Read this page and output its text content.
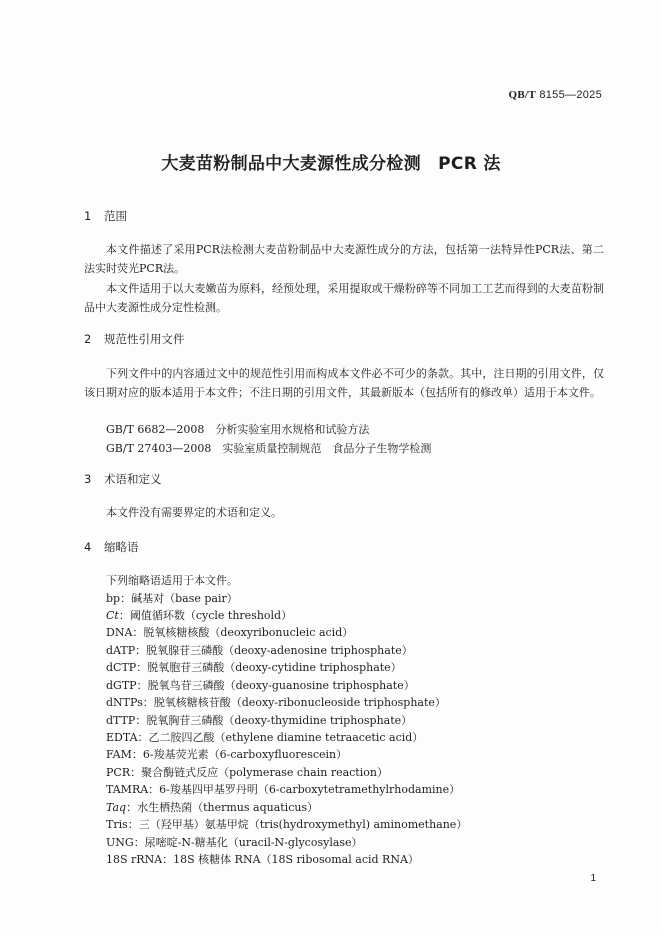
QB/T 8155—2025
大麦苗粉制品中大麦源性成分检测　PCR 法
1 范围
本文件描述了采用PCR法检测大麦苗粉制品中大麦源性成分的方法，包括第一法特异性PCR法、第二法实时荧光PCR法。
本文件适用于以大麦嫩苗为原料，经预处理，采用提取或干燥粉碎等不同加工工艺而得到的大麦苗粉制品中大麦源性成分定性检测。
2 规范性引用文件
下列文件中的内容通过文中的规范性引用而构成本文件必不可少的条款。其中，注日期的引用文件，仅该日期对应的版本适用于本文件；不注日期的引用文件，其最新版本（包括所有的修改单）适用于本文件。
GB/T 6682—2008　分析实验室用水规格和试验方法
GB/T 27403—2008　实验室质量控制规范　食品分子生物学检测
3 术语和定义
本文件没有需要界定的术语和定义。
4 缩略语
下列缩略语适用于本文件。
bp：碱基对（base pair）
Ct：阈值循环数（cycle threshold）
DNA：脱氧核糖核酸（deoxyribonucleic acid）
dATP：脱氧腺苷三磷酸（deoxy-adenosine triphosphate）
dCTP：脱氧胞苷三磷酸（deoxy-cytidine triphosphate）
dGTP：脱氧鸟苷三磷酸（deoxy-guanosine triphosphate）
dNTPs：脱氧核糖核苷酸（deoxy-ribonucleoside triphosphate）
dTTP：脱氧胸苷三磷酸（deoxy-thymidine triphosphate）
EDTA：乙二胺四乙酸（ethylene diamine tetraacetic acid）
FAM：6-羧基荧光素（6-carboxyfluorescein）
PCR：聚合酶链式反应（polymerase chain reaction）
TAMRA：6-羧基四甲基罗丹明（6-carboxytetramethylrhodamine）
Taq：水生栖热菌（thermus aquaticus）
Tris：三（羟甲基）氨基甲烷（tris(hydroxymethyl) aminomethane）
UNG：尿嘧啶-N-糖基化（uracil-N-glycosylase）
18S rRNA：18S 核糖体 RNA（18S ribosomal acid RNA）
1
